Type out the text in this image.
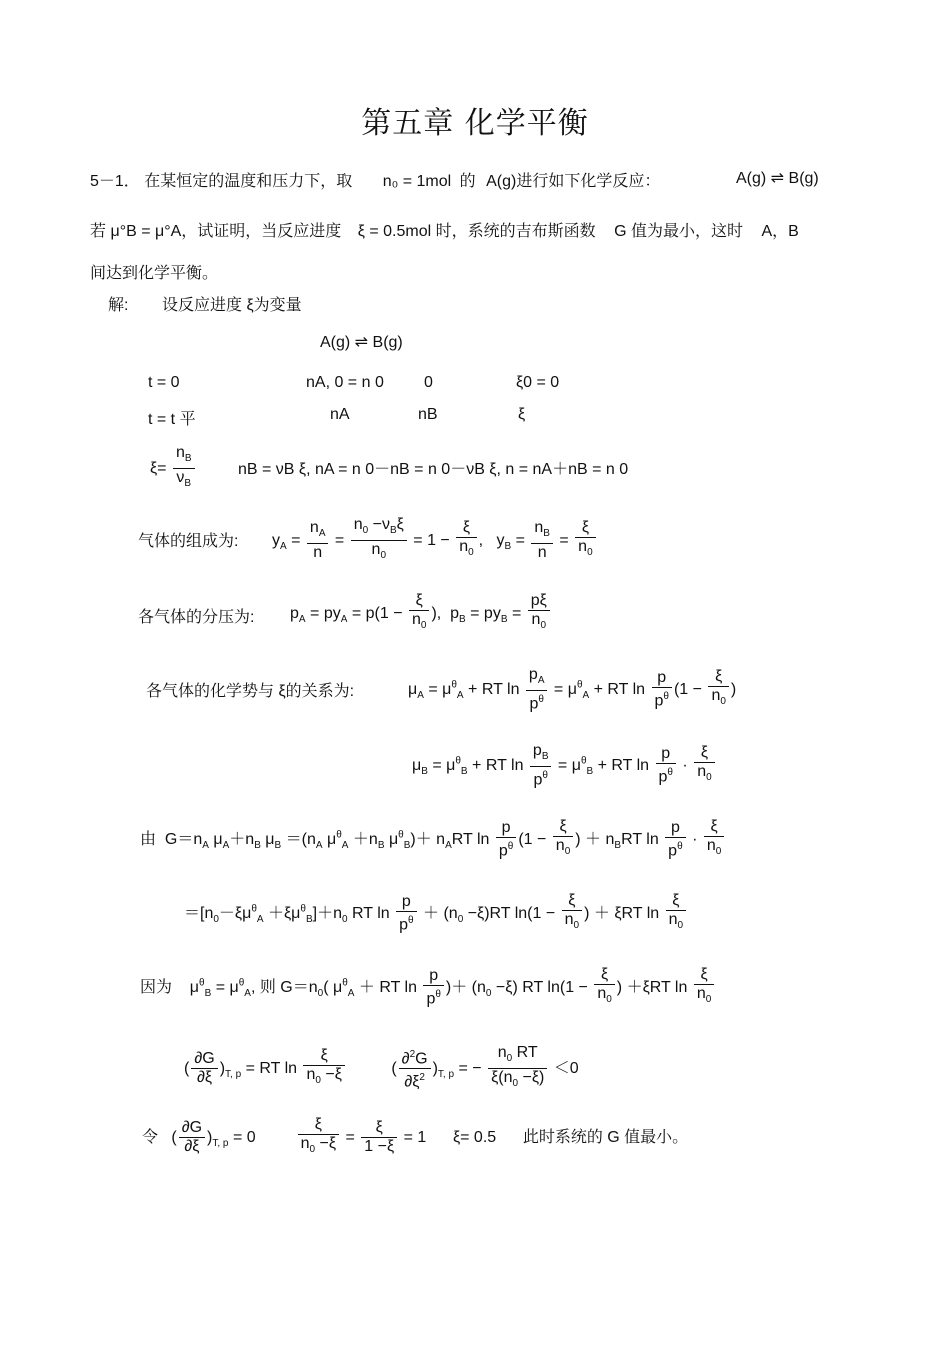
第五章 化学平衡
5－1． 在某恒定的温度和压力下，取 n₀ = 1mol 的 A(g)进行如下化学反应：	A(g) ⇌ B(g)
若 μ°B = μ°A，试证明，当反应进度 ξ = 0.5mol 时，系统的吉布斯函数 G 值为最小，这时 A，B
间达到化学平衡。
解: 设反应进度 ξ为变量
A(g) ⇌ B(g)
t = 0	nA, 0 = n 0	0	ξ0 = 0
t = t 平	nA	nB	ξ
$\xi= \frac{n_B}{\nu_B}$	nB = νB ξ, nA = n 0－nB = n 0－νB ξ, n = nA＋nB = n 0
气体的组成为: $y_A = \frac{n_A}{n} = \frac{n_0 -\nu_B\xi}{n_0} = 1 - \frac{\xi}{n_0}$ ,   $y_B = \frac{n_B}{n} = \frac{\xi}{n_0}$
各气体的分压为: $p_A = py_A = p(1 - \frac{\xi}{n_0}$ ),  $p_B = py_B = \frac{p\xi}{n_0}$
各气体的化学势与 ξ的关系为:	$\mu_A = \mu^\theta_A$ + RT $\ln \frac{p_A}{p^\theta} = \mu^\theta_A$ + RT $\ln \frac{p}{p^\theta} (1 - \frac{\xi}{n_0}$ )
$\mu_B = \mu^\theta_B$ + RT $\ln \frac{p_B}{p^\theta} = \mu^\theta_B$ + RT $\ln \frac{p}{p^\theta} \cdot \frac{\xi}{n_0}$
由  $G=n_A$ $\mu_A+n_B$ $\mu_B =(n_A$ $\mu^\theta_A +n_B$ $\mu^\theta_B)+ n_ART$ $\ln \frac{p}{p^\theta} (1 - \frac{\xi}{n_0}$ ) ＋ $n_BRT$ $\ln \frac{p}{p^\theta} \cdot \frac{\xi}{n_0}$
$=[n_0-\xi\mu^\theta_A +\xi\mu^\theta_B]+n_0$ RT $\ln \frac{p}{p^\theta} + (n_0 -\xi)RT$ $\ln(1 - \frac{\xi}{n_0}$ ) ＋ ξRT $\ln \frac{\xi}{n_0}$
因为    $\mu^\theta_B = \mu^\theta_A$, 则 $G=n_0$( $\mu^\theta_A$ ＋ RT $\ln \frac{p}{p^\theta}$ )＋ $(n_0 -\xi)$ RT $\ln(1 - \frac{\xi}{n_0}$ ) ＋ξRT $\ln \frac{\xi}{n_0}$
( $\frac{\partial G}{\partial\xi} )_{T, p}$ = RT $\ln \frac{\xi}{n_0 -\xi}$ ( $\frac{\partial^2G}{\partial\xi^2} )_{T, p}$ = − $\frac{n_0 RT}{\xi(n_0 -\xi)} <0$
令   ( $\frac{\partial G}{\partial\xi} )_{T, p} = 0 \frac{\xi}{n_0 -\xi} = \frac{\xi}{1 -\xi} = 1$      ξ= 0.5      此时系统的 G 值最小。
